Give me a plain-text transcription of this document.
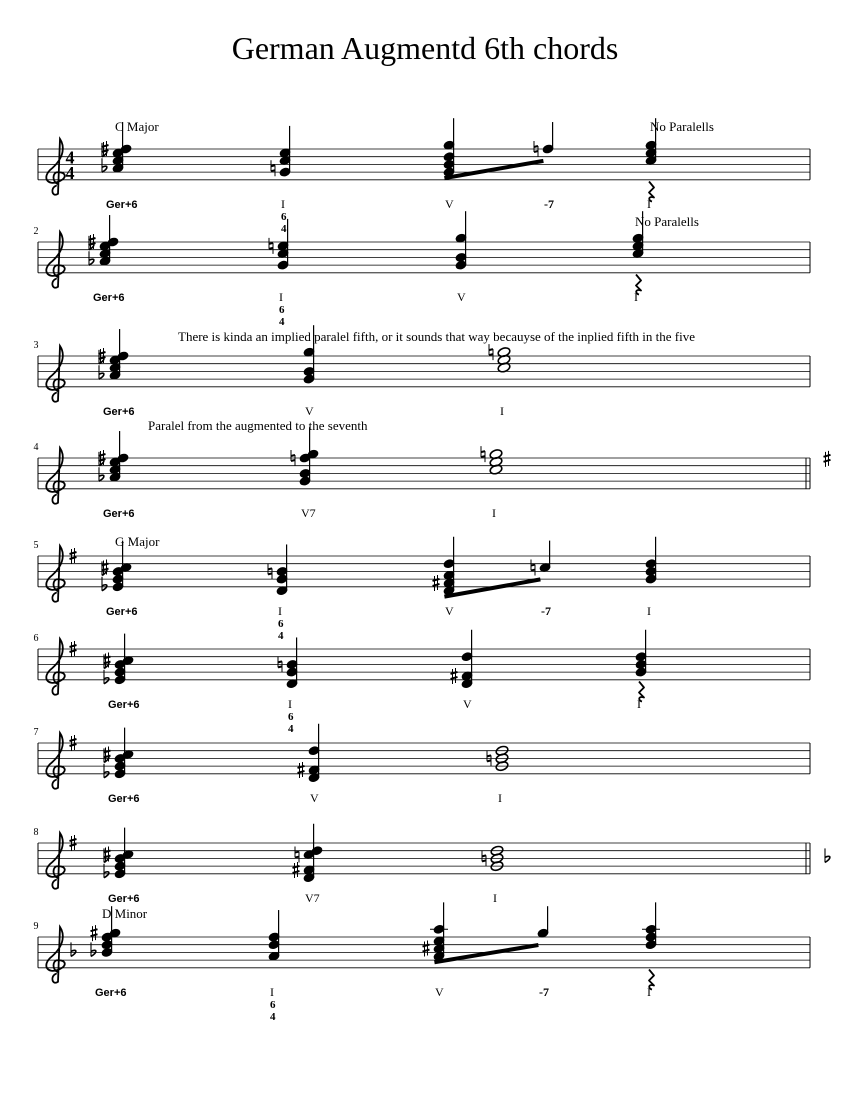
German Augmentd 6th chords
4
4
C Major	No Paralells
Ger+6	I	V	-7	I
6
4
2
No Paralells
Ger+6	I	V	I
6
4
3
There is kinda an implied paralel fifth, or it sounds that way becauyse of the inplied fifth in the five
Ger+6	V	I
4
Paralel from the augmented to the seventh
Ger+6	V7	I
5	G Major
Ger+6	I	V	-7	I
6
4
6
Ger+6	I	V	I
6
4
7
Ger+6	V	I
8
Ger+6	V7	I
9
D Minor
Ger+6	I	V	-7	I
6
4
